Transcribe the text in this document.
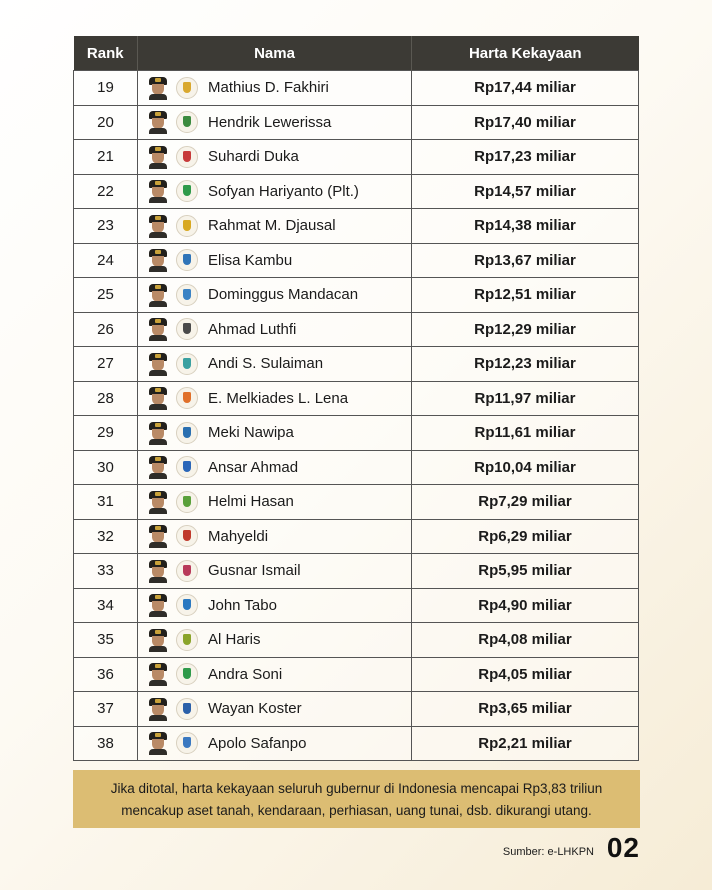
Rank	Nama	Harta Kekayaan
19	Mathius D. Fakhiri	Rp17,44 miliar
20	Hendrik Lewerissa	Rp17,40 miliar
21	Suhardi Duka	Rp17,23 miliar
22	Sofyan Hariyanto (Plt.)	Rp14,57 miliar
23	Rahmat M. Djausal	Rp14,38 miliar
24	Elisa Kambu	Rp13,67 miliar
25	Dominggus Mandacan	Rp12,51 miliar
26	Ahmad Luthfi	Rp12,29 miliar
27	Andi S. Sulaiman	Rp12,23 miliar
28	E. Melkiades L. Lena	Rp11,97 miliar
29	Meki Nawipa	Rp11,61 miliar
30	Ansar Ahmad	Rp10,04 miliar
31	Helmi Hasan	Rp7,29 miliar
32	Mahyeldi	Rp6,29 miliar
33	Gusnar Ismail	Rp5,95 miliar
34	John Tabo	Rp4,90 miliar
35	Al Haris	Rp4,08 miliar
36	Andra Soni	Rp4,05 miliar
37	Wayan Koster	Rp3,65 miliar
38	Apolo Safanpo	Rp2,21 miliar
Jika ditotal, harta kekayaan seluruh gubernur di Indonesia mencapai Rp3,83 triliun
mencakup aset tanah, kendaraan, perhiasan, uang tunai, dsb. dikurangi utang.
Sumber: e-LHKPN 02
